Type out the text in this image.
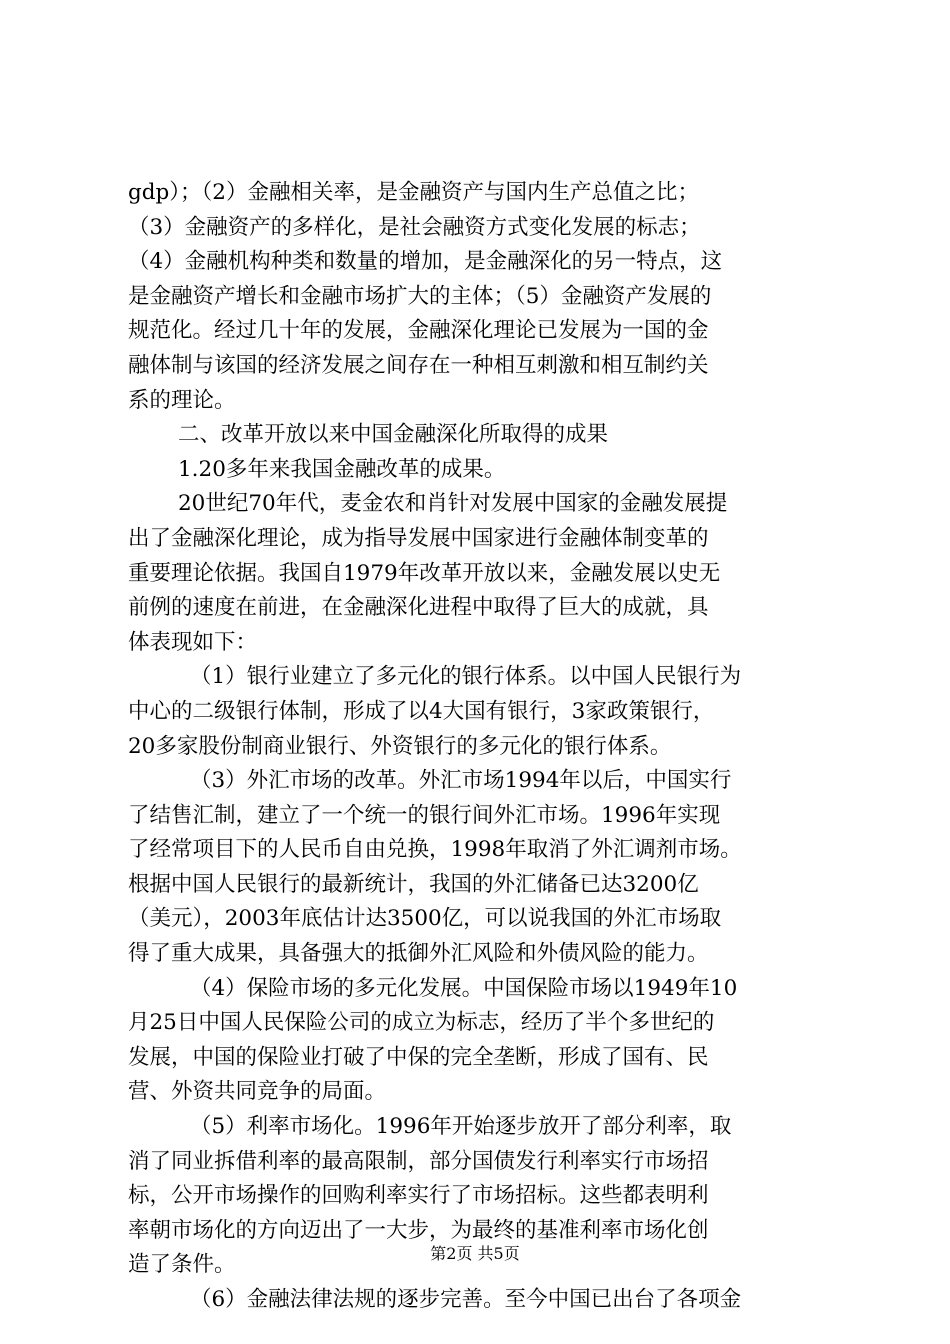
gdp）；（2）金融相关率，是金融资产与国内生产总值之比；
（3）金融资产的多样化，是社会融资方式变化发展的标志；
（4）金融机构种类和数量的增加，是金融深化的另一特点，这
是金融资产增长和金融市场扩大的主体；（5）金融资产发展的
规范化。经过几十年的发展，金融深化理论已发展为一国的金
融体制与该国的经济发展之间存在一种相互刺激和相互制约关
系的理论。
二、改革开放以来中国金融深化所取得的成果
1.20多年来我国金融改革的成果。
20世纪70年代，麦金农和肖针对发展中国家的金融发展提
出了金融深化理论，成为指导发展中国家进行金融体制变革的
重要理论依据。我国自1979年改革开放以来，金融发展以史无
前例的速度在前进，在金融深化进程中取得了巨大的成就，具
体表现如下：
（1）银行业建立了多元化的银行体系。以中国人民银行为
中心的二级银行体制，形成了以4大国有银行，3家政策银行，
20多家股份制商业银行、外资银行的多元化的银行体系。
（3）外汇市场的改革。外汇市场1994年以后，中国实行
了结售汇制，建立了一个统一的银行间外汇市场。1996年实现
了经常项目下的人民币自由兑换，1998年取消了外汇调剂市场。
根据中国人民银行的最新统计，我国的外汇储备已达3200亿
（美元），2003年底估计达3500亿，可以说我国的外汇市场取
得了重大成果，具备强大的抵御外汇风险和外债风险的能力。
（4）保险市场的多元化发展。中国保险市场以1949年10
月25日中国人民保险公司的成立为标志，经历了半个多世纪的
发展，中国的保险业打破了中保的完全垄断，形成了国有、民
营、外资共同竞争的局面。
（5）利率市场化。1996年开始逐步放开了部分利率，取
消了同业拆借利率的最高限制，部分国债发行利率实行市场招
标，公开市场操作的回购利率实行了市场招标。这些都表明利
率朝市场化的方向迈出了一大步，为最终的基准利率市场化创
造了条件。
（6）金融法律法规的逐步完善。至今中国已出台了各项金
第2页 共5页
